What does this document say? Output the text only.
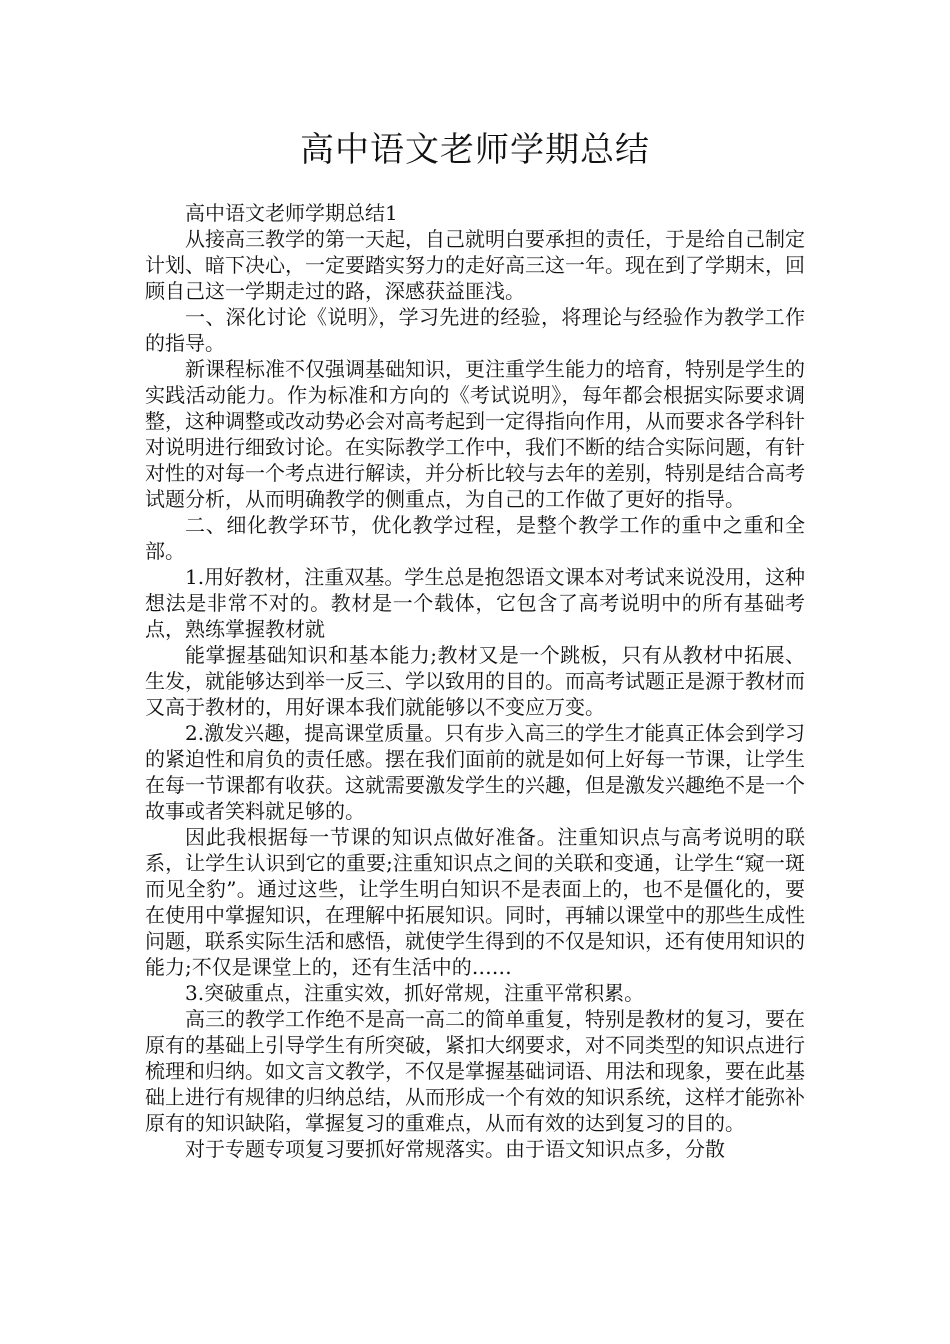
高中语文老师学期总结

高中语文老师学期总结1

从接高三教学的第一天起，自己就明白要承担的责任，于是给自己制定计划、暗下决心，一定要踏实努力的走好高三这一年。现在到了学期末，回顾自己这一学期走过的路，深感获益匪浅。

一、深化讨论《说明》，学习先进的经验，将理论与经验作为教学工作的指导。

新课程标准不仅强调基础知识，更注重学生能力的培育，特别是学生的实践活动能力。作为标准和方向的《考试说明》，每年都会根据实际要求调整，这种调整或改动势必会对高考起到一定得指向作用，从而要求各学科针对说明进行细致讨论。在实际教学工作中，我们不断的结合实际问题，有针对性的对每一个考点进行解读，并分析比较与去年的差别，特别是结合高考试题分析，从而明确教学的侧重点，为自己的工作做了更好的指导。

二、细化教学环节，优化教学过程，是整个教学工作的重中之重和全部。

1.用好教材，注重双基。学生总是抱怨语文课本对考试来说没用，这种想法是非常不对的。教材是一个载体，它包含了高考说明中的所有基础考点，熟练掌握教材就

能掌握基础知识和基本能力;教材又是一个跳板，只有从教材中拓展、生发，就能够达到举一反三、学以致用的目的。而高考试题正是源于教材而又高于教材的，用好课本我们就能够以不变应万变。

2.激发兴趣，提高课堂质量。只有步入高三的学生才能真正体会到学习的紧迫性和肩负的责任感。摆在我们面前的就是如何上好每一节课，让学生在每一节课都有收获。这就需要激发学生的兴趣，但是激发兴趣绝不是一个故事或者笑料就足够的。

因此我根据每一节课的知识点做好准备。注重知识点与高考说明的联系，让学生认识到它的重要;注重知识点之间的关联和变通，让学生“窥一斑而见全豹”。通过这些，让学生明白知识不是表面上的，也不是僵化的，要在使用中掌握知识，在理解中拓展知识。同时，再辅以课堂中的那些生成性问题，联系实际生活和感悟，就使学生得到的不仅是知识，还有使用知识的能力;不仅是课堂上的，还有生活中的……

3.突破重点，注重实效，抓好常规，注重平常积累。

高三的教学工作绝不是高一高二的简单重复，特别是教材的复习，要在原有的基础上引导学生有所突破，紧扣大纲要求，对不同类型的知识点进行梳理和归纳。如文言文教学，不仅是掌握基础词语、用法和现象，要在此基础上进行有规律的归纳总结，从而形成一个有效的知识系统，这样才能弥补原有的知识缺陷，掌握复习的重难点，从而有效的达到复习的目的。

对于专题专项复习要抓好常规落实。由于语文知识点多，分散
